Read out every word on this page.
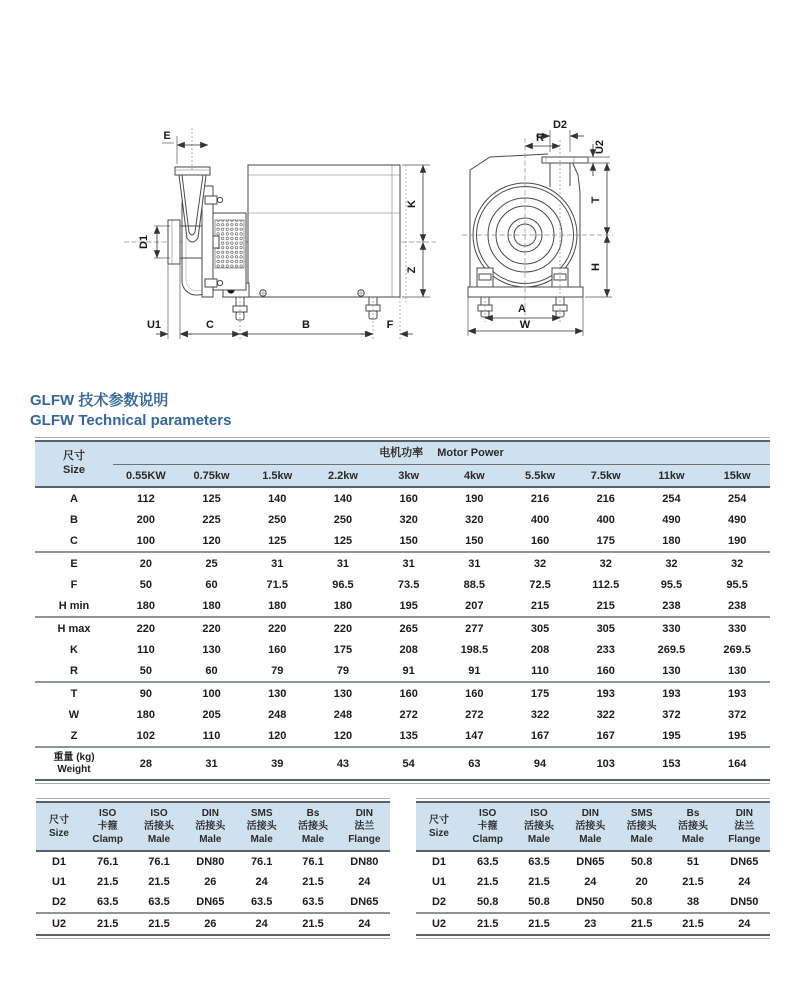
E
D1
K
Z
U1	C	B	F
D2
R
U2
T
H
A
W
GLFW 技术参数说明
GLFW Technical parameters
尺寸
Size
电机功率 Motor Power
0.55KW	0.75kw	1.5kw	2.2kw	3kw	4kw	5.5kw	7.5kw	11kw	15kw
A	112	125	140	140	160	190	216	216	254	254
B	200	225	250	250	320	320	400	400	490	490
C	100	120	125	125	150	150	160	175	180	190
E	20	25	31	31	31	31	32	32	32	32
F	50	60	71.5	96.5	73.5	88.5	72.5	112.5	95.5	95.5
H min	180	180	180	180	195	207	215	215	238	238
H max	220	220	220	220	265	277	305	305	330	330
K	110	130	160	175	208	198.5	208	233	269.5	269.5
R	50	60	79	79	91	91	110	160	130	130
T	90	100	130	130	160	160	175	193	193	193
W	180	205	248	248	272	272	322	322	372	372
Z	102	110	120	120	135	147	167	167	195	195
重量 (kg)
Weight	28	31	39	43	54	63	94	103	153	164
尺寸
Size
ISO
卡箍
Clamp
ISO
活接头
Male
DIN
活接头
Male
SMS
活接头
Male
Bs
活接头
Male
DIN
法兰
Flange
D1	76.1	76.1	DN80	76.1	76.1	DN80
U1	21.5	21.5	26	24	21.5	24
D2	63.5	63.5	DN65	63.5	63.5	DN65
U2	21.5	21.5	26	24	21.5	24
尺寸
Size
ISO
卡箍
Clamp
ISO
活接头
Male
DIN
活接头
Male
SMS
活接头
Male
Bs
活接头
Male
DIN
法兰
Flange
D1	63.5	63.5	DN65	50.8	51	DN65
U1	21.5	21.5	24	20	21.5	24
D2	50.8	50.8	DN50	50.8	38	DN50
U2	21.5	21.5	23	21.5	21.5	24
